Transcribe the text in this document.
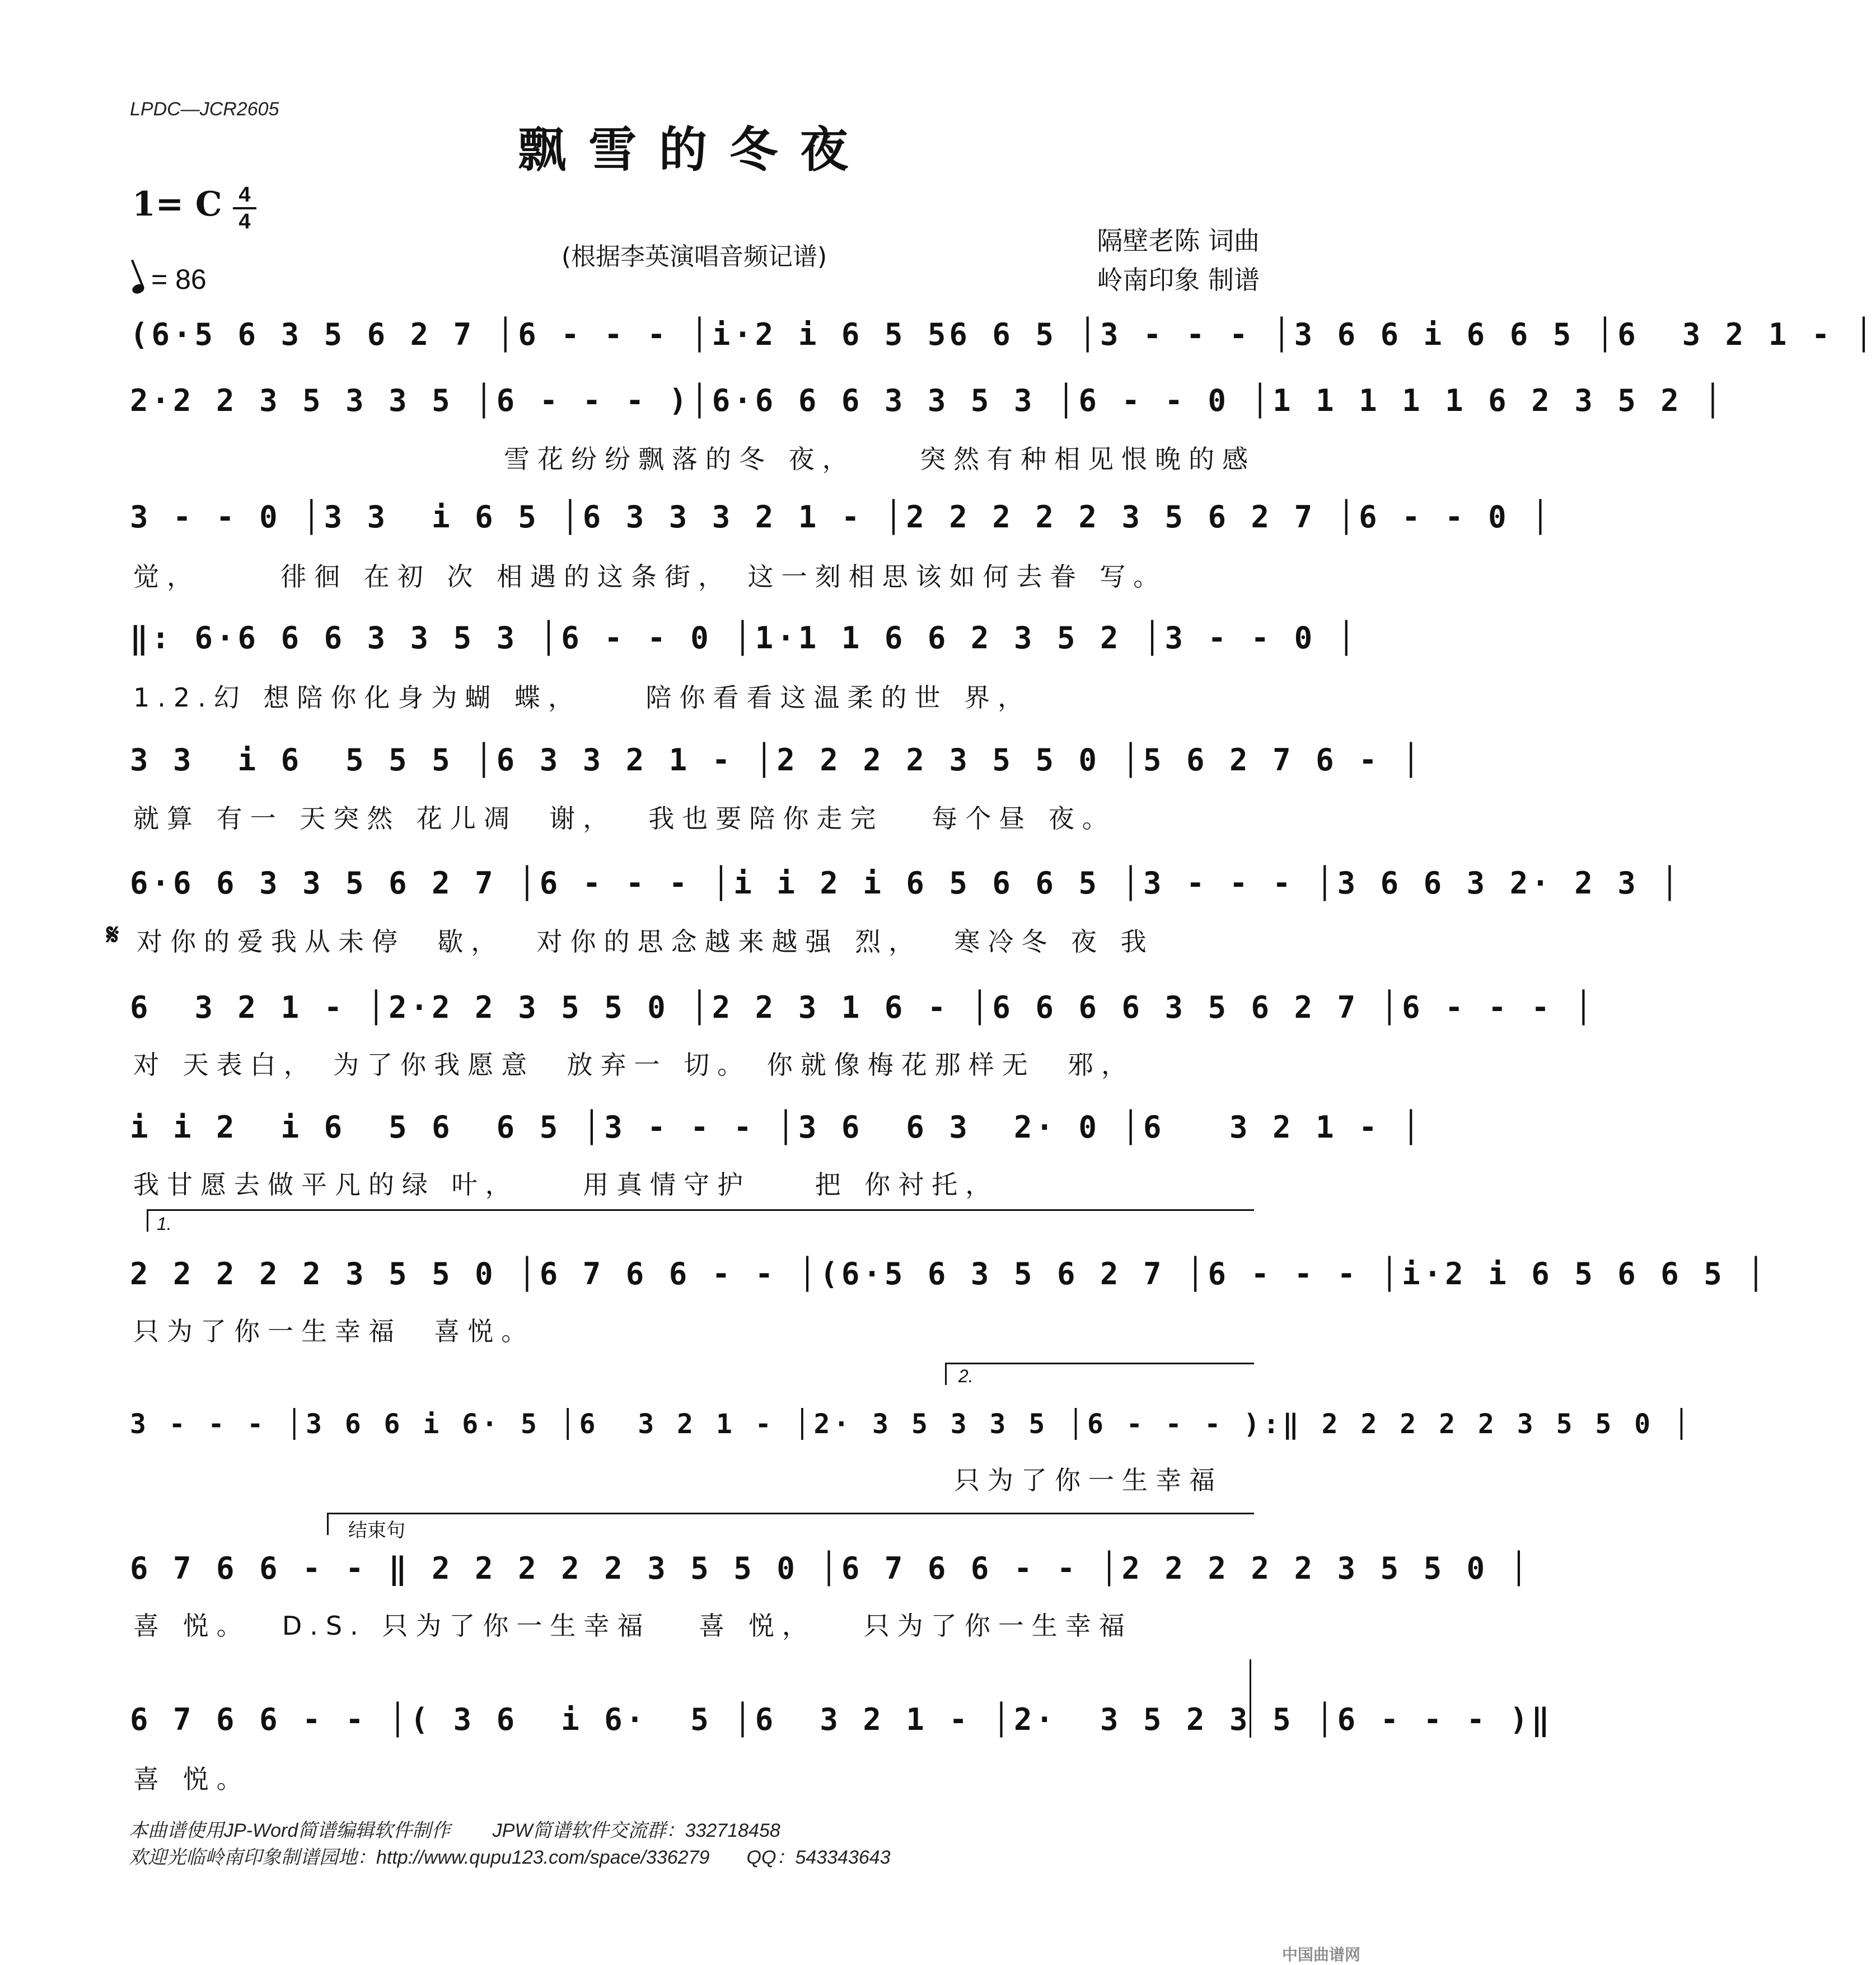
LPDC—JCR2605
飘雪的冬夜
1= C 4
4
= 86
(根据李英演唱音频记谱)
隔壁老陈 词曲
岭南印象 制谱
(6·5 6 3 5 6 2 7 │6 - - - │i·2 i 6 5 56 6 5 │3 - - - │3 6 6 i 6 6 5 │6  3 2 1 - │
2·2 2 3 5 3 3 5 │6 - - - )│6·6 6 6 3 3 5 3 │6 - - 0 │1 1 1 1 1 6 2 3 5 2 │
雪花纷纷飘落的冬 夜，    突然有种相见恨晚的感
3 - - 0 │3 3  i 6 5 │6 3 3 3 2 1 - │2 2 2 2 2 3 5 6 2 7 │6 - - 0 │
觉，     徘徊 在初 次 相遇的这条街， 这一刻相思该如何去眷 写。
‖: 6·6 6 6 3 3 5 3 │6 - - 0 │1·1 1 6 6 2 3 5 2 │3 - - 0 │
1.2.幻 想陪你化身为蝴 蝶，    陪你看看这温柔的世 界，
3 3  i 6  5 5 5 │6 3 3 2 1 - │2 2 2 2 3 5 5 0 │5 6 2 7 6 - │
就算 有一 天突然 花儿凋  谢，  我也要陪你走完   每个昼 夜。
6·6 6 3 3 5 6 2 7 │6 - - - │i i 2 i 6 5 6 6 5 │3 - - - │3 6 6 3 2· 2 3 │
𝄋 对你的爱我从未停  歇，  对你的思念越来越强 烈，  寒冷冬 夜 我
6  3 2 1 - │2·2 2 3 5 5 0 │2 2 3 1 6 - │6 6 6 6 3 5 6 2 7 │6 - - - │
对 天表白， 为了你我愿意  放弃一 切。 你就像梅花那样无  邪，
i i 2  i 6  5 6  6 5 │3 - - - │3 6  6 3  2· 0 │6   3 2 1 - │
我甘愿去做平凡的绿 叶，    用真情守护    把 你衬托，
1.
2 2 2 2 2 3 5 5 0 │6 7 6 6 - - │(6·5 6 3 5 6 2 7 │6 - - - │i·2 i 6 5 6 6 5 │
只为了你一生幸福  喜悦。
2.
3 - - - │3 6 6 i 6· 5 │6  3 2 1 - │2· 3 5 3 3 5 │6 - - - ):‖ 2 2 2 2 2 3 5 5 0 │
只为了你一生幸福
结束句
6 7 6 6 - - ‖ 2 2 2 2 2 3 5 5 0 │6 7 6 6 - - │2 2 2 2 2 3 5 5 0 │
喜 悦。  D.S. 只为了你一生幸福   喜 悦，   只为了你一生幸福
6 7 6 6 - - │( 3 6  i 6·  5 │6  3 2 1 - │2·  3 5 2 3 5 │6 - - - )‖
喜 悦。
本曲谱使用JP-Word简谱编辑软件制作        JPW简谱软件交流群：332718458
欢迎光临岭南印象制谱园地：http://www.qupu123.com/space/336279       QQ：543343643
中国曲谱网
